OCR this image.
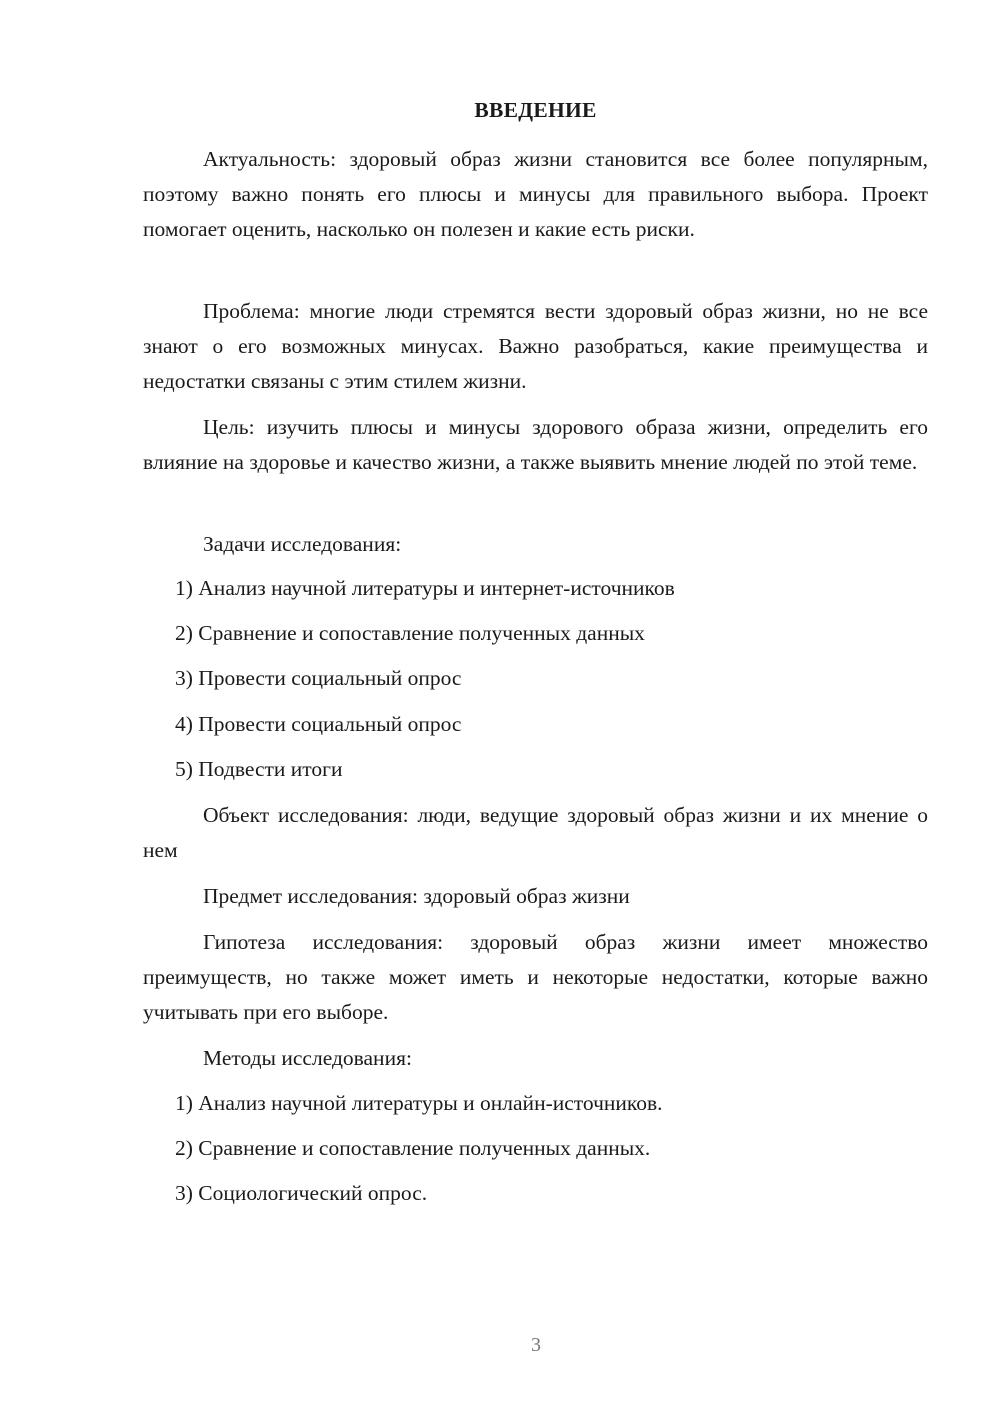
ВВЕДЕНИЕ

Актуальность: здоровый образ жизни становится все более популярным, поэтому важно понять его плюсы и минусы для правильного выбора. Проект помогает оценить, насколько он полезен и какие есть риски.

Проблема: многие люди стремятся вести здоровый образ жизни, но не все знают о его возможных минусах. Важно разобраться, какие преимущества и недостатки связаны с этим стилем жизни.

Цель: изучить плюсы и минусы здорового образа жизни, определить его влияние на здоровье и качество жизни, а также выявить мнение людей по этой теме.

Задачи исследования:

1) Анализ научной литературы и интернет-источников

2) Сравнение и сопоставление полученных данных

3) Провести социальный опрос

4) Провести социальный опрос

5) Подвести итоги

Объект исследования: люди, ведущие здоровый образ жизни и их мнение о нем

Предмет исследования: здоровый образ жизни

Гипотеза исследования: здоровый образ жизни имеет множество преимуществ, но также может иметь и некоторые недостатки, которые важно учитывать при его выборе.

Методы исследования:

1) Анализ научной литературы и онлайн-источников.

2) Сравнение и сопоставление полученных данных.

3) Социологический опрос.

3
